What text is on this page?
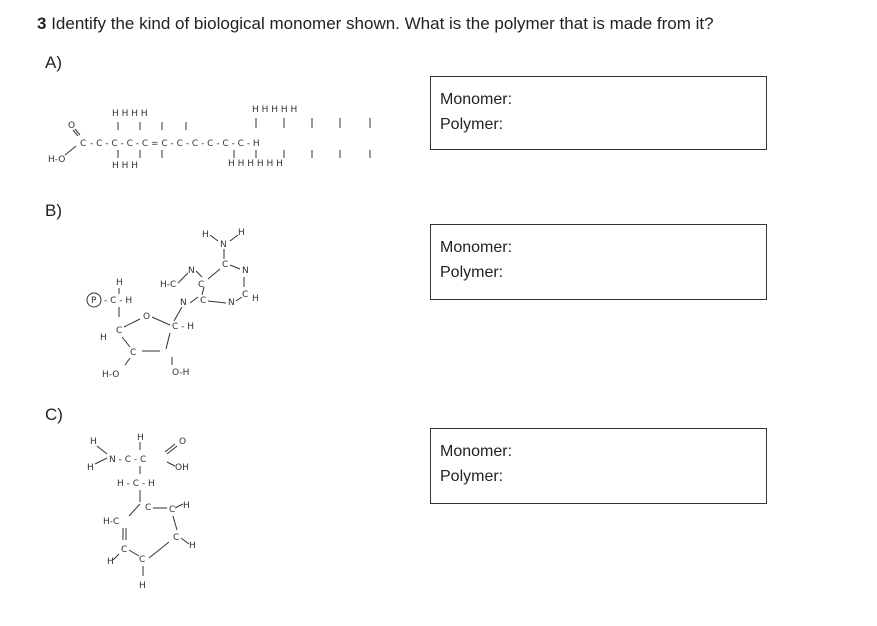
3 Identify the kind of biological monomer shown. What is the polymer that is made from it?
A)
O
H-O
C - C - C - C - C = C - C - C - C - C - C - H
H H H H	H H H H H
H H H	H H H H H H
Monomer:
Polymer:
B)
P - C - H
H
H
C
O
C - H
C
H-O	O-H
N
H-C
N
C
C
C
N
N
H	H
C
N H
Monomer:
Polymer:
C)
H
H
N - C - C
H	O
OH
H - C - H
C C H
H-C
C
H
C
C
H
H
Monomer:
Polymer:
